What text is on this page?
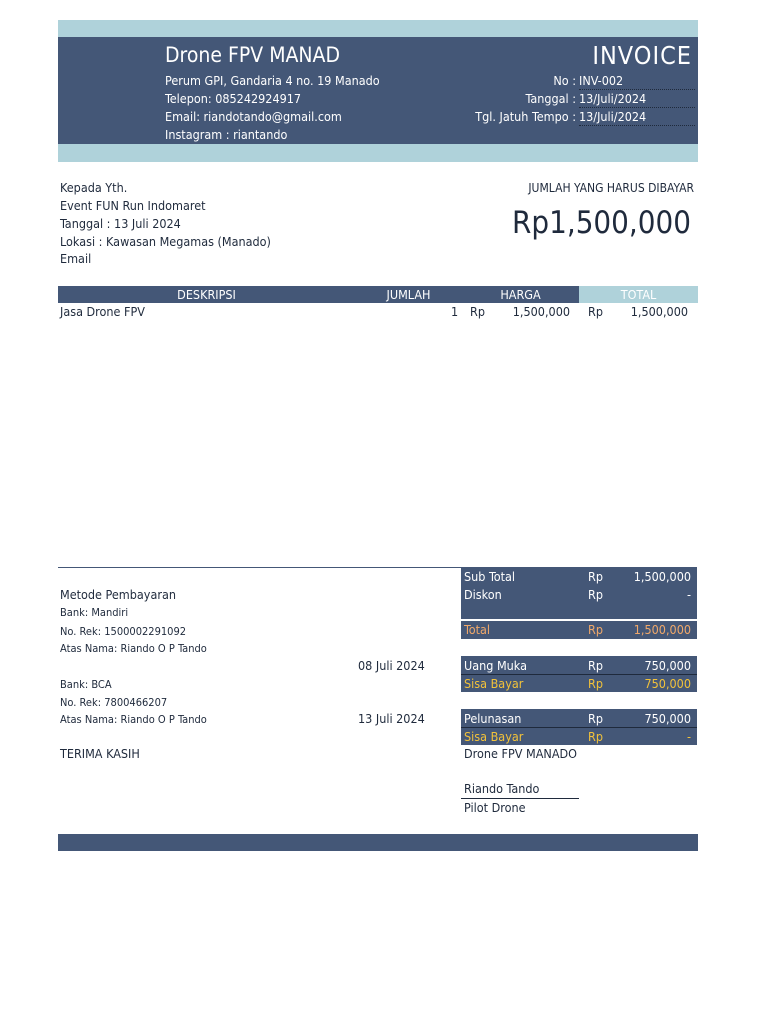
Drone FPV MANAD
Perum GPI, Gandaria 4 no. 19 Manado
Telepon: 085242924917
Email: riandotando@gmail.com
Instagram : riantando
INVOICE
No : INV-002
Tanggal : 13/Juli/2024
Tgl. Jatuh Tempo : 13/Juli/2024
Kepada Yth.
Event FUN Run Indomaret
Tanggal : 13 Juli 2024
Lokasi : Kawasan Megamas (Manado)
Email
JUMLAH YANG HARUS DIBAYAR
Rp1,500,000
DESKRIPSI	JUMLAH	HARGA	TOTAL
Jasa Drone FPV	1 Rp 1,500,000 Rp 1,500,000
Metode Pembayaran
Bank: Mandiri
No. Rek: 1500002291092
Atas Nama: Riando O P Tando
08 Juli 2024
Bank: BCA
No. Rek: 7800466207
Atas Nama: Riando O P Tando	13 Juli 2024
Sub Total	Rp 1,500,000
Diskon	Rp	-
Total	Rp 1,500,000
Uang Muka	Rp	750,000
Sisa Bayar	Rp	750,000
Pelunasan	Rp	750,000
Sisa Bayar	Rp	-
TERIMA KASIH	Drone FPV MANADO
Riando Tando
Pilot Drone
